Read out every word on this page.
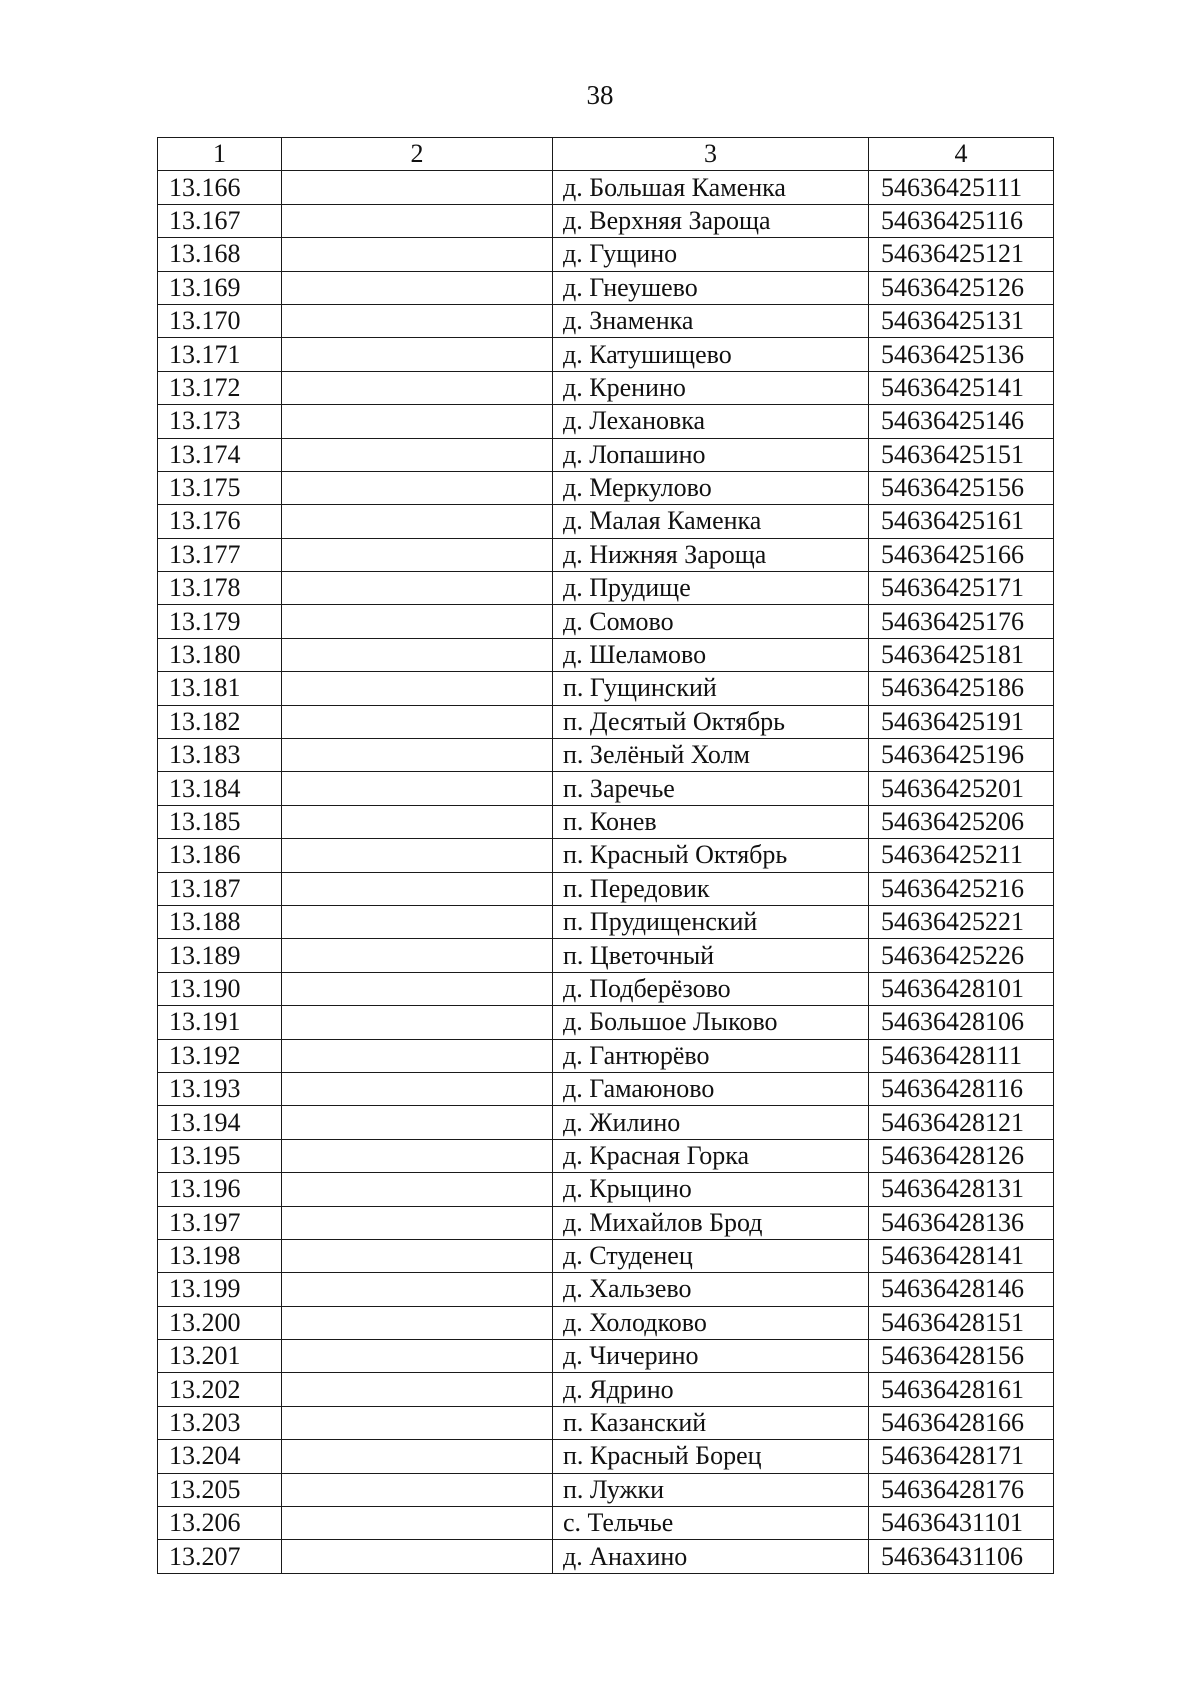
38
1	2	3	4
13.166		д. Большая Каменка	54636425111
13.167		д. Верхняя Зароща	54636425116
13.168		д. Гущино	54636425121
13.169		д. Гнеушево	54636425126
13.170		д. Знаменка	54636425131
13.171		д. Катушищево	54636425136
13.172		д. Кренино	54636425141
13.173		д. Лехановка	54636425146
13.174		д. Лопашино	54636425151
13.175		д. Меркулово	54636425156
13.176		д. Малая Каменка	54636425161
13.177		д. Нижняя Зароща	54636425166
13.178		д. Прудище	54636425171
13.179		д. Сомово	54636425176
13.180		д. Шеламово	54636425181
13.181		п. Гущинский	54636425186
13.182		п. Десятый Октябрь	54636425191
13.183		п. Зелёный Холм	54636425196
13.184		п. Заречье	54636425201
13.185		п. Конев	54636425206
13.186		п. Красный Октябрь	54636425211
13.187		п. Передовик	54636425216
13.188		п. Прудищенский	54636425221
13.189		п. Цветочный	54636425226
13.190		д. Подберёзово	54636428101
13.191		д. Большое Лыково	54636428106
13.192		д. Гантюрёво	54636428111
13.193		д. Гамаюново	54636428116
13.194		д. Жилино	54636428121
13.195		д. Красная Горка	54636428126
13.196		д. Крыцино	54636428131
13.197		д. Михайлов Брод	54636428136
13.198		д. Студенец	54636428141
13.199		д. Хальзево	54636428146
13.200		д. Холодково	54636428151
13.201		д. Чичерино	54636428156
13.202		д. Ядрино	54636428161
13.203		п. Казанский	54636428166
13.204		п. Красный Борец	54636428171
13.205		п. Лужки	54636428176
13.206		с. Тельчье	54636431101
13.207		д. Анахино	54636431106
